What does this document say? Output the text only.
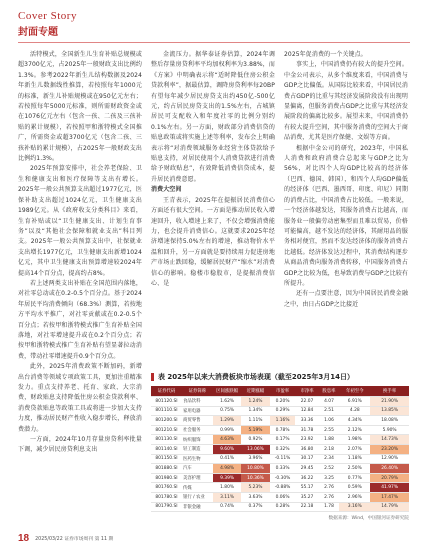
Cover Story
封面专题

活特模式，全国新生儿生育补贴总规模或超3700亿元，占2025年一般财政支出比例约1.3%。参考2022年新生儿结构数据及2024年新生儿数据线性推算，若按照每年1000元的标准，新生儿补贴规模或在950亿元左右；若按照每年5000元标准，则所需财政资金或在1076亿元左右（包含一孩、二孩及三孩补贴的累计规模），若按照甲和浙特模式全国推广，所需资金或超3700亿元（包含二孩、三孩补贴的累计规模），占2025年一般财政支出比例约1.3%。

2025年预算安排中，社会养老保险、卫生和健康支出和医疗保障等支出有增长。2025年一般公共预算支出超过1977亿元，医保补助支出超过1024亿元，卫生健康支出1989亿元。从《政府收支分类科目》来看，生育补贴或以“卫生健康支出、计划生育事务”以及“其他社会保障和就业支出”科目列支。2025年一般公共预算支出中，社保就业支出增长1977亿元，卫生健康支出新增1024亿元，其中卫生健康支出预算增速较2024年提高14个百分点，提高约占8%。

若上述两类支出补贴在全国范围内落地，对社零总动或在0.2-0.5个百分点。基于2024年居民平均消费倾向（68.3%）测算，若按地方平均水平推广，对社零贡献或在0.2-0.5个百分点；若按甲和浙特模式推广生育补贴全国落地，对社零增速提升或在0.2个百分点；若按甲和浙特模式推广生育补贴有望显著拉动消费，带动社零增速提升0.9个百分点。

此外，2025年消费政策不断加码，新增出台消费等领域专项政策工具，更加注重精准发力。重点支持养老、托育、家政、大宗消费，财政贴息支持降低住房公积金贷款利率、消费贷款贴息等政策工具或将进一步加大支持力度，推动居民财产性收入稳步增长，释放消费潜力。

一方面，2024年10月存量房贷利率批量下调，减少居民房贷利息支出

金流压力。据华泰证券估算，2024年调整后存量房贷利率平均加权利率为3.88%，而《方案》中明确表示将“适时降低住房公积金贷款利率”，据最估算，调降房贷利率每20BP有望每年减少居民房贷支出约450亿-500亿元，约占居民房贷支出的1.5%左右，占城镇居民可支配收入和年度社零的比例分别约0.1%左右。另一方面，财政部分消费信贷的贴息政策或将实施上述等利率，发布会上明确表示将“对消费领域服务业经营主体贷款给予贴息支持，对居民使用个人消费贷款进行消费给予财政贴息”，有效降低消费信贷成本，提升居民消费意愿。

消费大空间

王青表示，2025年在提振居民消费信心方面还有很大空间。一方面是推动居民收入增速回升，收入增速上来了，不仅会增强消费能力，也会提升消费信心。这就要求2025年经济增速保持5.0%左右的增速，推动物价水平温和回升，另一方面就是要持续用力促进房地产市场止跌回稳，缓解居民财产“缩水”对消费信心的影响。稳楼市稳股市，是提振消费信心、是

2025年促消费的一个关键点。

事实上，中国消费仍有较大的提升空间。中金公司表示，从多个维度来看，中国消费与GDP之比偏低。从国际比较来看，中国居民消费占GDP的比重与其经济发展阶段没有出现明显偏离，但服务消费占GDP之比重与其经济发展阶段的偏离比较多。展望未来，中国消费仍有较大提升空间，其中服务消费的空间大于商品消费，尤其是医疗保健、文娱等方面。

根据中金公司的研究，2023年，中国私人消费和政府消费合总起来与GDP之比为56%，对比四个人均GDP比较高的经济体（巴西、德国、韩国），和四个人均GDP偏低的经济体（巴西、墨西哥、印度、印尼）同期的消费占比，中国消费占比较低。一般来说，一个经济体越发达，其服务消费占比越高，而服务业一般偏劳动密集型而且难以贸易，价格可能偏高，越不发达的经济体，其耐用品的服务相对便宜，然而不发达经济体的服务消费占比越低。经济体发达过程中，其消费结构逐步从商品消费向服务消费转移，中国服务消费占GDP之比较为低，也导致消费与GDP之比较有所提升。

还有一点要注意，因为中国居民消费金融之中，由日占GDP之比接近

表 2025年以来大消费板块市场表现（截至2025年3月14日）
证券代码	证券简称	区间涨跌幅	近期涨幅	市盈率	市净率	股息率	年初至今	换手率
801120.SI	食品饮料	1.62%	1.24%	0.20%	22.07	4.07	6.91%	21.90%
801110.SI	家用电器	0.75%	1.34%	0.29%	12.84	2.51	4.28	13.85%
801200.SI	商贸零售	1.29%	1.11%	1.16%	33.36	1.06	4.34%	18.08%
801210.SI	社会服务	0.99%	5.19%	0.78%	31.78	2.55	2.12%	5.90%
801130.SI	纺织服饰	4.63%	0.92%	0.17%	23.92	1.88	1.98%	14.73%
801140.SI	轻工制造	9.60%	13.06%	0.32%	36.80	2.18	2.07%	23.20%
801150.SI	医药生物	0.41%	3.96%	-0.11%	30.17	2.34	1.18%	12.90%
801880.SI	汽车	4.98%	10.80%	0.33%	29.45	2.52	2.50%	26.40%
801980.SI	美容护理	9.39%	10.36%	-0.30%	36.22	3.25	0.77%	20.79%
801760.SI	传媒	1.80%	5.23%	-0.88%	55.17	2.76	0.59%	41.97%
801780.SI	银行 / 农业	3.11%	3.63%	0.06%	35.27	2.76	2.96%	17.47%
801790.SI	非银金融	0.74%	0.37%	0.28%	22.18	1.78	3.16%	14.79%
数据来源：Wind，中国银河证券研究院
18 2025/03/22 证券市场周刊 第 11 期
